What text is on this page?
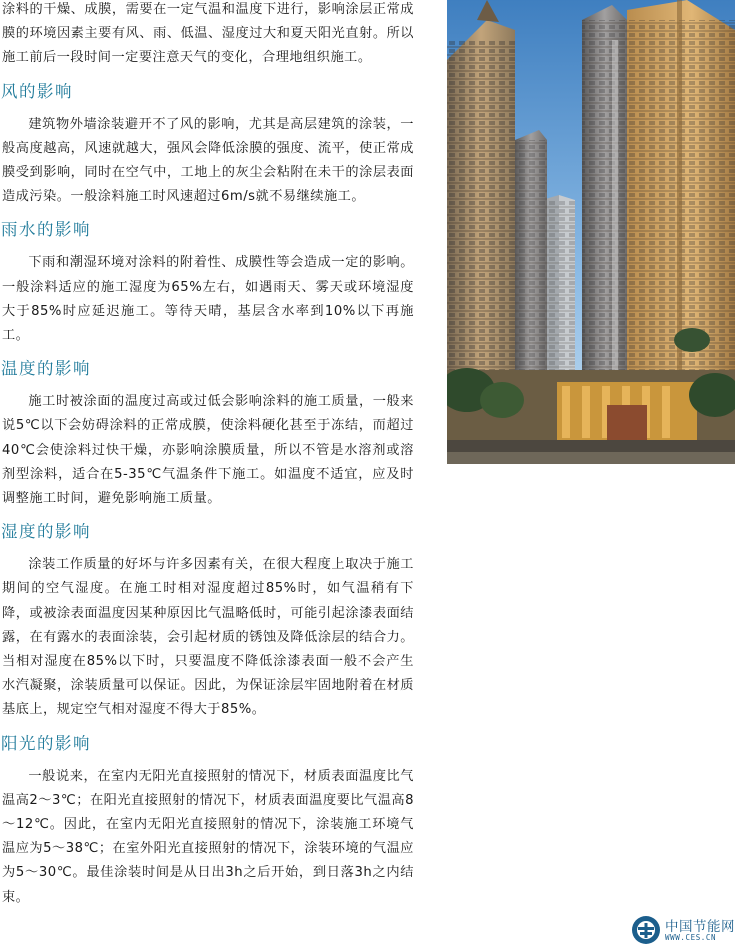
涂料的干燥、成膜，需要在一定气温和温度下进行，影响涂层正常成膜的环境因素主要有风、雨、低温、湿度过大和夏天阳光直射。所以施工前后一段时间一定要注意天气的变化，合理地组织施工。

风的影响

建筑物外墙涂装避开不了风的影响，尤其是高层建筑的涂装，一般高度越高，风速就越大，强风会降低涂膜的强度、流平，使正常成膜受到影响，同时在空气中，工地上的灰尘会粘附在未干的涂层表面造成污染。一般涂料施工时风速超过6m/s就不易继续施工。

雨水的影响

下雨和潮湿环境对涂料的附着性、成膜性等会造成一定的影响。一般涂料适应的施工湿度为65%左右，如遇雨天、雾天或环境湿度大于85%时应延迟施工。等待天晴，基层含水率到10%以下再施工。

温度的影响

施工时被涂面的温度过高或过低会影响涂料的施工质量，一般来说5℃以下会妨碍涂料的正常成膜，使涂料硬化甚至于冻结，而超过40℃会使涂料过快干燥，亦影响涂膜质量，所以不管是水溶剂或溶剂型涂料，适合在5-35℃气温条件下施工。如温度不适宜，应及时调整施工时间，避免影响施工质量。

湿度的影响

涂装工作质量的好坏与许多因素有关，在很大程度上取决于施工期间的空气湿度。在施工时相对湿度超过85%时，如气温稍有下降，或被涂表面温度因某种原因比气温略低时，可能引起涂漆表面结露，在有露水的表面涂装，会引起材质的锈蚀及降低涂层的结合力。当相对湿度在85%以下时，只要温度不降低涂漆表面一般不会产生水汽凝聚，涂装质量可以保证。因此，为保证涂层牢固地附着在材质基底上，规定空气相对湿度不得大于85%。

阳光的影响

一般说来，在室内无阳光直接照射的情况下，材质表面温度比气温高2～3℃；在阳光直接照射的情况下，材质表面温度要比气温高8～12℃。因此，在室内无阳光直接照射的情况下，涂装施工环境气温应为5～38℃；在室外阳光直接照射的情况下，涂装环境的气温应为5～30℃。最佳涂装时间是从日出3h之后开始，到日落3h之内结束。

中国节能网
WWW.CES.CN
